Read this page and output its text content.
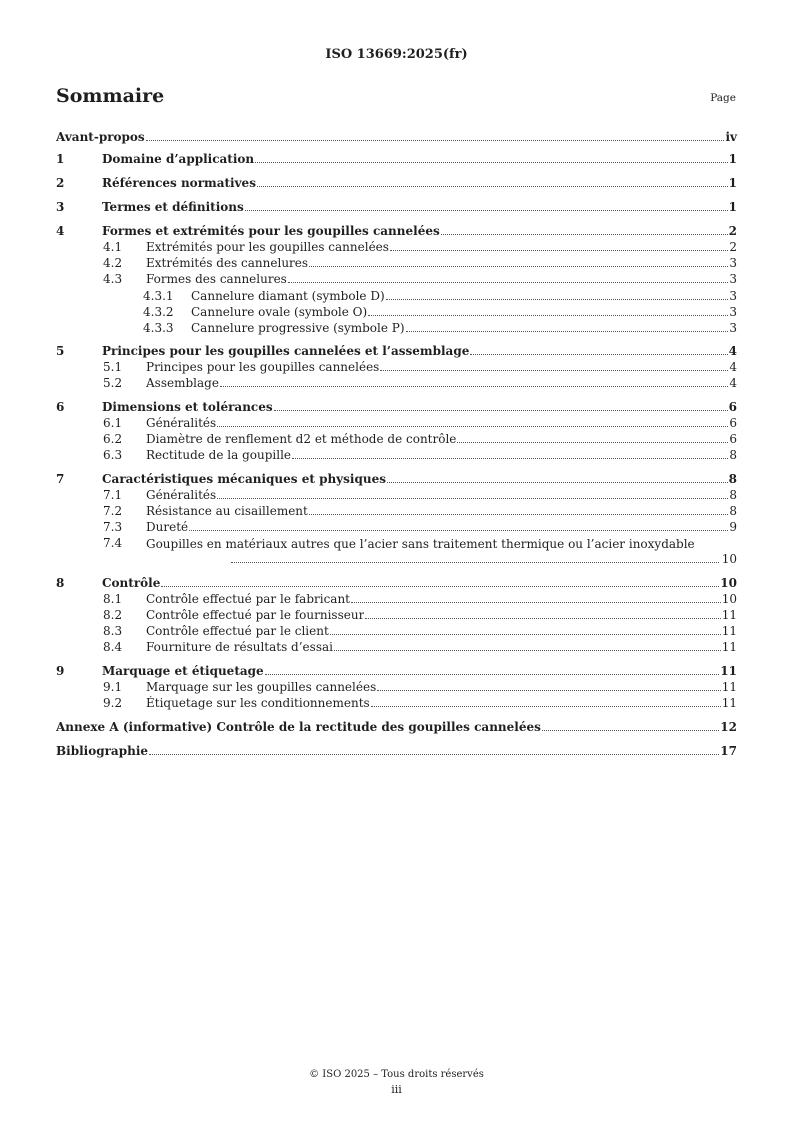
ISO 13669:2025(fr)
Sommaire	Page
Avant-propos	iv
1	Domaine d’application	1
2	Références normatives	1
3	Termes et définitions	1
4	Formes et extrémités pour les goupilles cannelées	2
4.1	Extrémités pour les goupilles cannelées	2
4.2	Extrémités des cannelures	3
4.3	Formes des cannelures	3
4.3.1	Cannelure diamant (symbole D)	3
4.3.2	Cannelure ovale (symbole O)	3
4.3.3	Cannelure progressive (symbole P)	3
5	Principes pour les goupilles cannelées et l’assemblage	4
5.1	Principes pour les goupilles cannelées	4
5.2	Assemblage	4
6	Dimensions et tolérances	6
6.1	Généralités	6
6.2	Diamètre de renflement d2 et méthode de contrôle	6
6.3	Rectitude de la goupille	8
7	Caractéristiques mécaniques et physiques	8
7.1	Généralités	8
7.2	Résistance au cisaillement	8
7.3	Dureté	9
7.4	Goupilles en matériaux autres que l’acier sans traitement thermique ou l’acier inoxydable
10
8	Contrôle	10
8.1	Contrôle effectué par le fabricant	10
8.2	Contrôle effectué par le fournisseur	11
8.3	Contrôle effectué par le client	11
8.4	Fourniture de résultats d’essai	11
9	Marquage et étiquetage	11
9.1	Marquage sur les goupilles cannelées	11
9.2	Étiquetage sur les conditionnements	11
Annexe A (informative) Contrôle de la rectitude des goupilles cannelées	12
Bibliographie	17
© ISO 2025 – Tous droits réservés
iii
